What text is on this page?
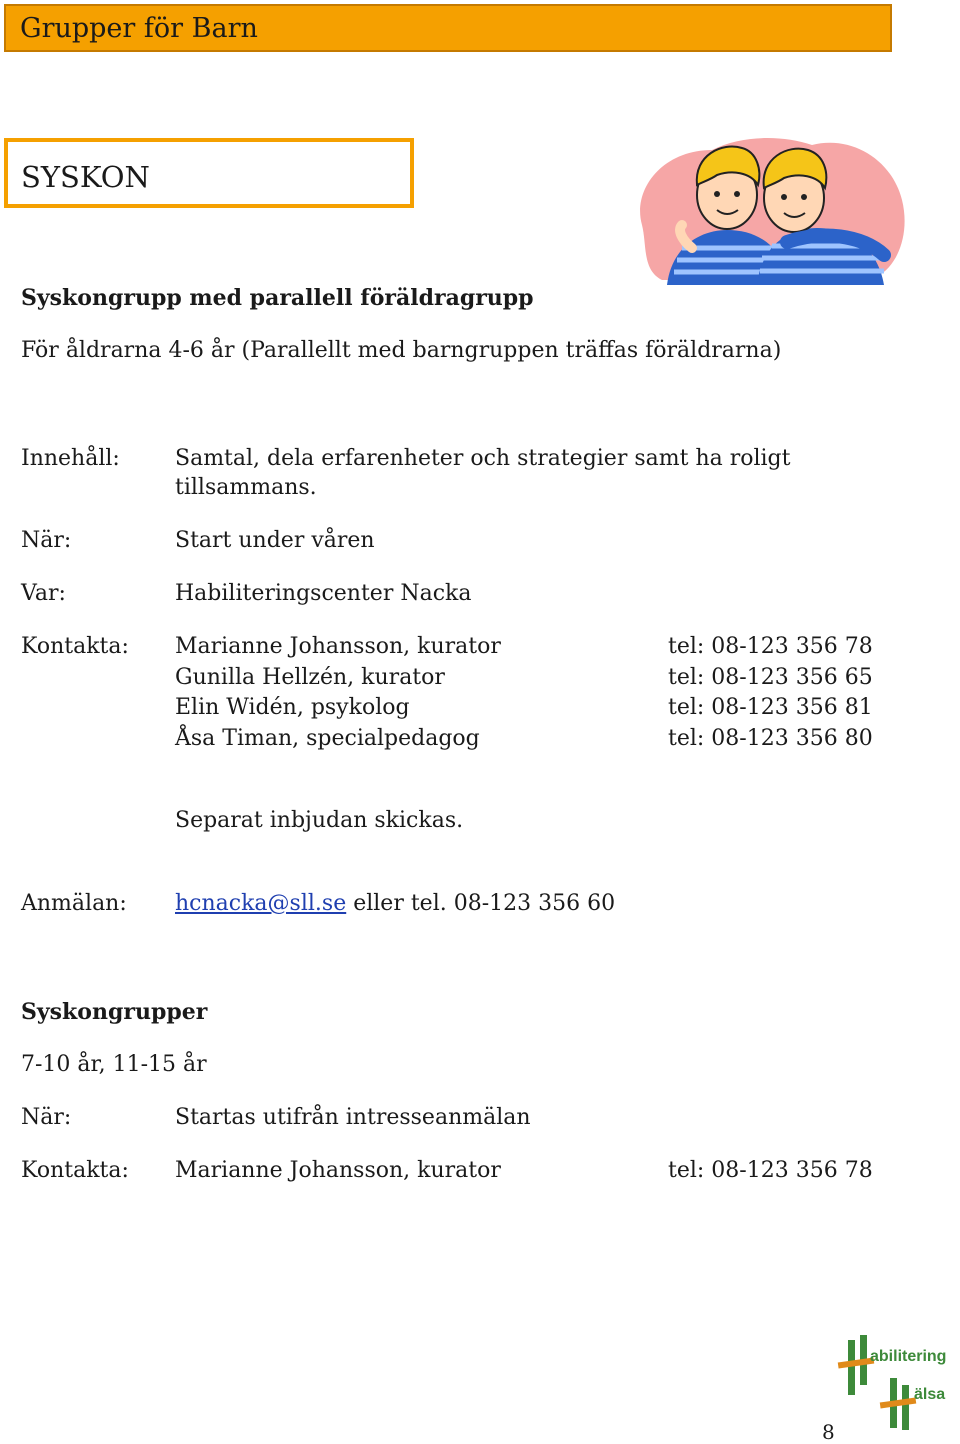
Grupper för Barn
SYSKON
Syskongrupp med parallell föräldragrupp
För åldrarna 4-6 år (Parallellt med barngruppen träffas föräldrarna)
Innehåll:	Samtal, dela erfarenheter och strategier samt ha roligt
tillsammans.
När:	Start under våren
Var:	Habiliteringscenter Nacka
Kontakta: Marianne Johansson, kurator	tel: 08-123 356 78
Gunilla Hellzén, kurator	tel: 08-123 356 65
Elin Widén, psykolog	tel: 08-123 356 81
Åsa Timan, specialpedagog	tel: 08-123 356 80
Separat inbjudan skickas.
Anmälan: hcnacka@sll.se eller tel. 08-123 356 60
Syskongrupper
7-10 år, 11-15 år
När:	Startas utifrån intresseanmälan
Kontakta: Marianne Johansson, kurator	tel: 08-123 356 78
abilitering
älsa
8
